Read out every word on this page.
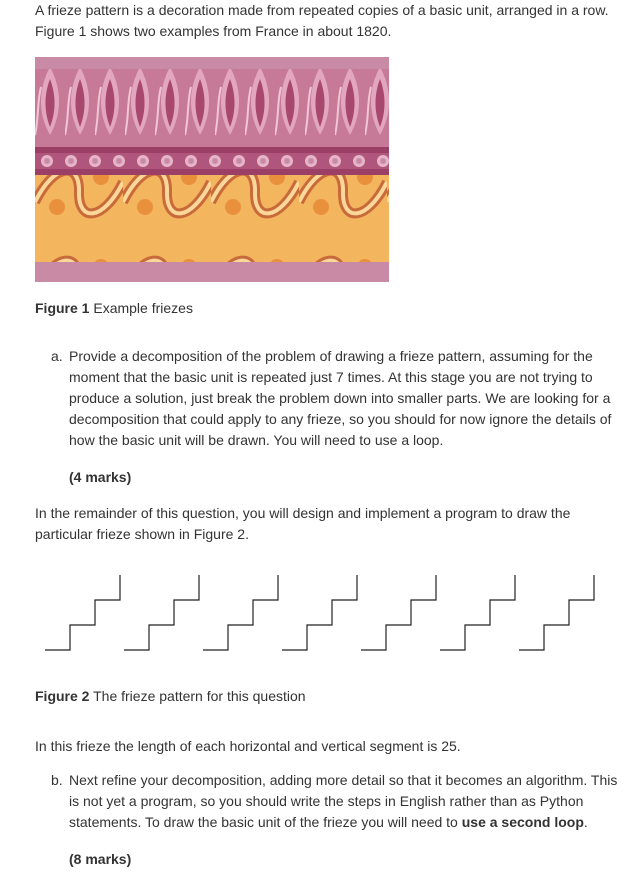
A frieze pattern is a decoration made from repeated copies of a basic unit, arranged in a row. Figure 1 shows two examples from France in about 1820.
Figure 1 Example friezes
a. Provide a decomposition of the problem of drawing a frieze pattern, assuming for the moment that the basic unit is repeated just 7 times. At this stage you are not trying to produce a solution, just break the problem down into smaller parts. We are looking for a decomposition that could apply to any frieze, so you should for now ignore the details of how the basic unit will be drawn. You will need to use a loop.
(4 marks)
In the remainder of this question, you will design and implement a program to draw the particular frieze shown in Figure 2.
Figure 2 The frieze pattern for this question
In this frieze the length of each horizontal and vertical segment is 25.
b. Next refine your decomposition, adding more detail so that it becomes an algorithm. This is not yet a program, so you should write the steps in English rather than as Python statements. To draw the basic unit of the frieze you will need to use a second loop.
(8 marks)
